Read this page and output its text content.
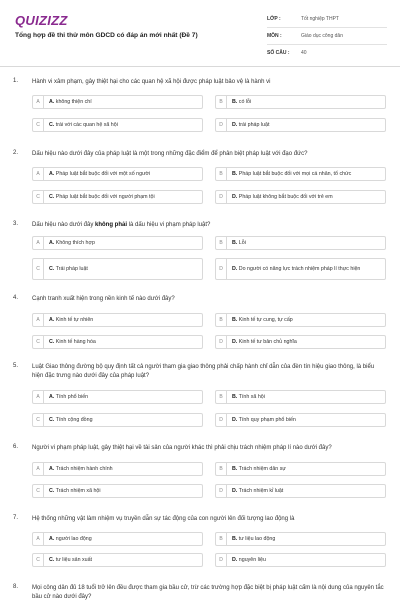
QUIZIZZ
Tổng hợp đề thi thử môn GDCD có đáp án mới nhất (Đề 7)
LỚP :	Tốt nghiệp THPT
MÔN :	Giáo dục công dân
SỐ CÂU :	40
1. Hành vi xâm phạm, gây thiệt hại cho các quan hệ xã hội được pháp luật bảo vệ là hành vi
A	A. không thiện chí	B	B. có lỗi
C	C. trái với các quan hệ xã hội	D	D. trái pháp luật
2. Dấu hiệu nào dưới đây của pháp luật là một trong những đặc điểm để phân biệt pháp luật với đạo đức?
A	A. Pháp luật bắt buộc đối với một số người	B	B. Pháp luật bắt buộc đối với mọi cá nhân, tổ chức
C	C. Pháp luật bắt buộc đối với người phạm tội	D	D. Pháp luật không bắt buộc đối với trẻ em
3. Dấu hiệu nào dưới đây không phải là dấu hiệu vi phạm pháp luật?
A	A. Không thích hợp	B	B. Lỗi
C	C. Trái pháp luật	D	D. Do người có năng lực trách nhiệm pháp lí thực hiện
4. Cạnh tranh xuất hiện trong nền kinh tế nào dưới đây?
A	A. Kinh tế tự nhiên	B	B. Kinh tế tự cung, tự cấp
C	C. Kinh tế hàng hóa	D	D. Kinh tế tư bản chủ nghĩa
5. Luật Giao thông đường bộ quy định tất cả người tham gia giao thông phải chấp hành chỉ dẫn của đèn tín hiệu giao thông, là biểu hiện đặc trưng nào dưới đây của pháp luật?
A	A. Tính phổ biến	B	B. Tính xã hội
C	C. Tính cộng đồng	D	D. Tính quy phạm phổ biến
6. Người vi phạm pháp luật, gây thiệt hại về tài sản của người khác thì phải chịu trách nhiệm pháp lí nào dưới đây?
A	A. Trách nhiệm hành chính	B	B. Trách nhiệm dân sự
C	C. Trách nhiệm xã hội	D	D. Trách nhiệm kỉ luật
7. Hệ thống những vật làm nhiệm vụ truyền dẫn sự tác động của con người lên đối tượng lao động là
A	A. người lao động	B	B. tư liệu lao động
C	C. tư liệu sản xuất	D	D. nguyên liệu
8. Mọi công dân đủ 18 tuổi trở lên đều được tham gia bầu cử, trừ các trường hợp đặc biệt bị pháp luật cấm là nội dung của nguyên tắc bầu cử nào dưới đây?
